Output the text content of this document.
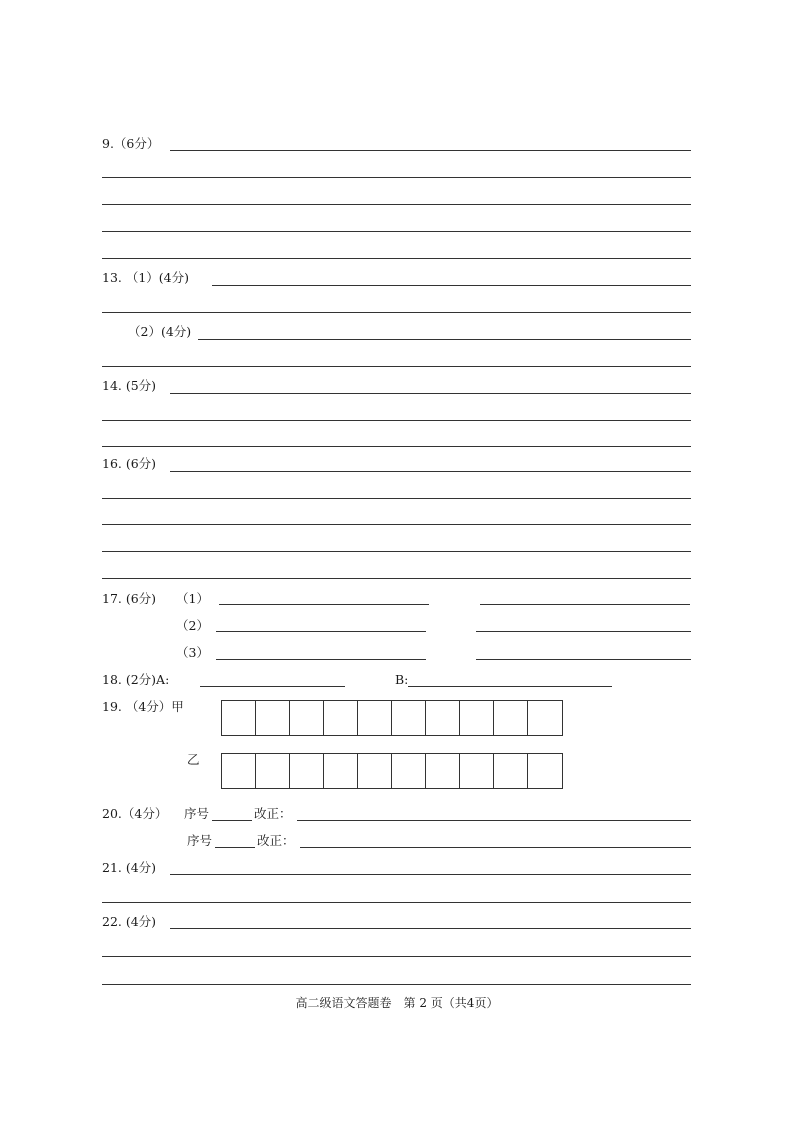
9.（6分）
13. （1）(4分)
（2）(4分)
14. (5分)
16. (6分)
17. (6分) （1）
（2）
（3）
18. (2分)A:	B:
19. （4分）甲
乙
20.（4分） 序号	改正：
序号	改正：
21. (4分)
22. (4分)
高二级语文答题卷　第 2 页（共4页）
